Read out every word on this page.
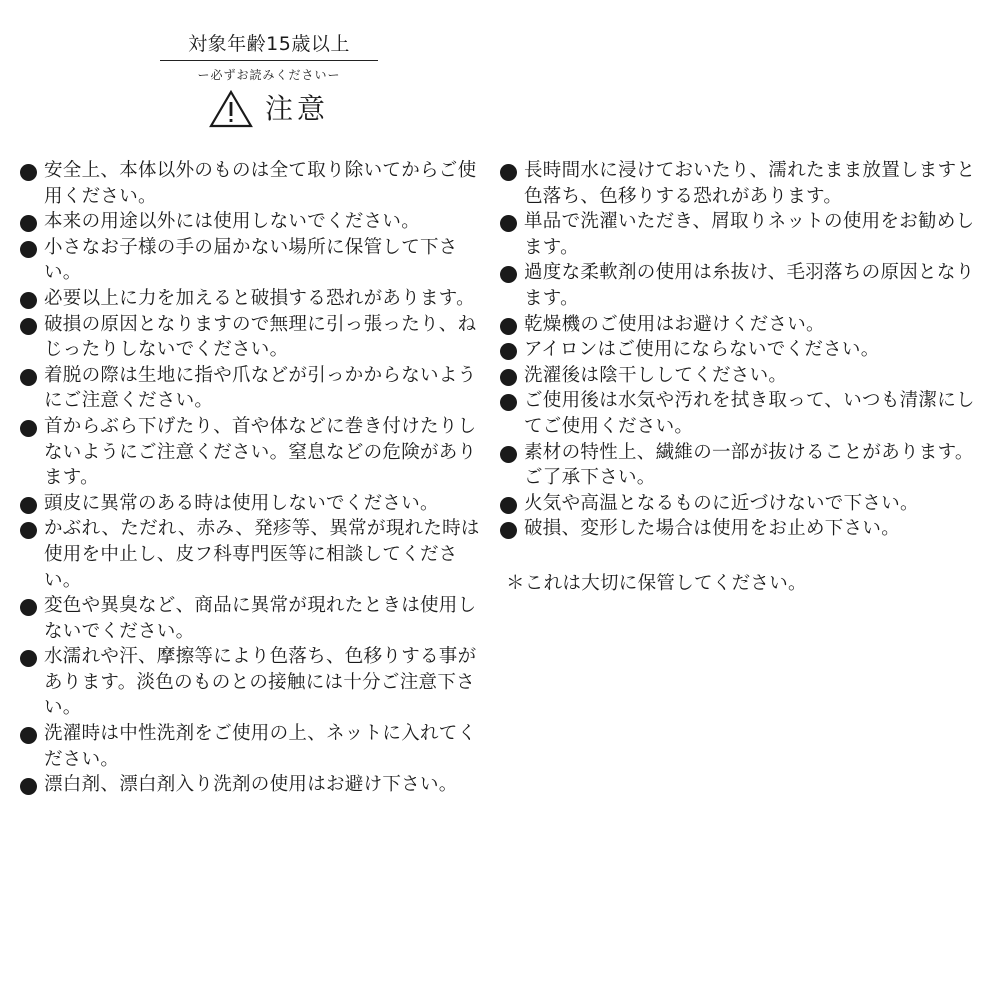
対象年齢15歳以上
ー必ずお読みくださいー
注意
安全上、本体以外のものは全て取り除いてからご使用ください。
本来の用途以外には使用しないでください。
小さなお子様の手の届かない場所に保管して下さい。
必要以上に力を加えると破損する恐れがあります。
破損の原因となりますので無理に引っ張ったり、ねじったりしないでください。
着脱の際は生地に指や爪などが引っかからないようにご注意ください。
首からぶら下げたり、首や体などに巻き付けたりしないようにご注意ください。窒息などの危険があります。
頭皮に異常のある時は使用しないでください。
かぶれ、ただれ、赤み、発疹等、異常が現れた時は使用を中止し、皮フ科専門医等に相談してください。
変色や異臭など、商品に異常が現れたときは使用しないでください。
水濡れや汗、摩擦等により色落ち、色移りする事があります。淡色のものとの接触には十分ご注意下さい。
洗濯時は中性洗剤をご使用の上、ネットに入れてください。
漂白剤、漂白剤入り洗剤の使用はお避け下さい。
長時間水に浸けておいたり、濡れたまま放置しますと色落ち、色移りする恐れがあります。
単品で洗濯いただき、屑取りネットの使用をお勧めします。
過度な柔軟剤の使用は糸抜け、毛羽落ちの原因となります。
乾燥機のご使用はお避けください。
アイロンはご使用にならないでください。
洗濯後は陰干ししてください。
ご使用後は水気や汚れを拭き取って、いつも清潔にしてご使用ください。
素材の特性上、繊維の一部が抜けることがあります。ご了承下さい。
火気や高温となるものに近づけないで下さい。
破損、変形した場合は使用をお止め下さい。
＊これは大切に保管してください。
